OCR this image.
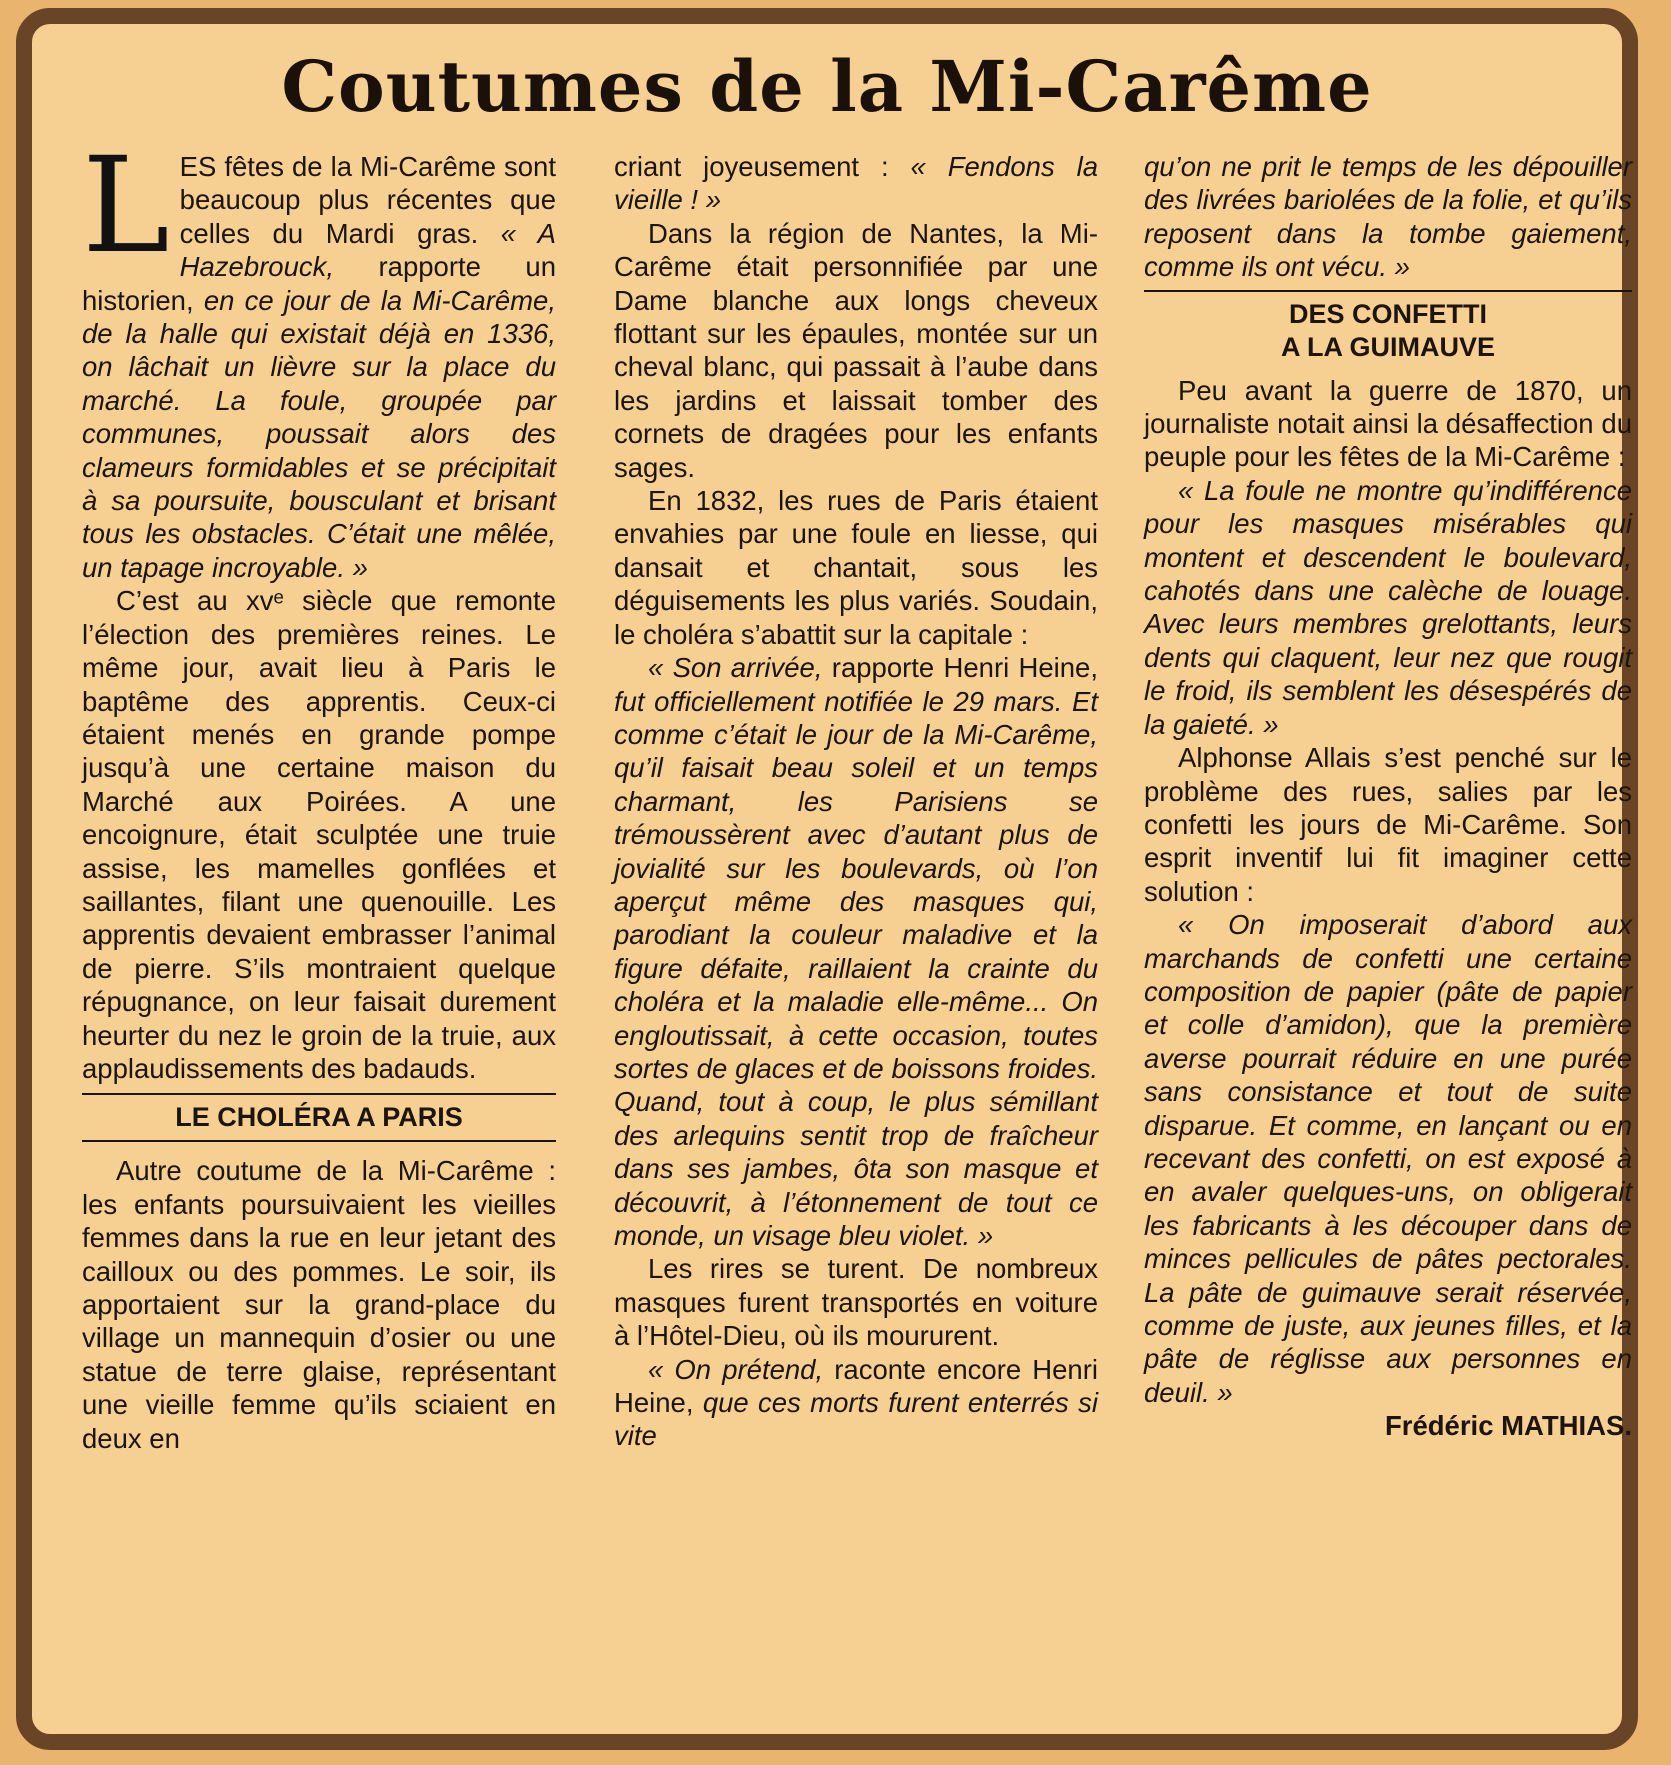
Coutumes de la Mi-Carême

LES fêtes de la Mi-Carême sont beaucoup plus récentes que celles du Mardi gras. « A Hazebrouck, rapporte un historien, en ce jour de la Mi-Carême, de la halle qui existait déjà en 1336, on lâchait un lièvre sur la place du marché. La foule, groupée par communes, poussait alors des clameurs formidables et se précipitait à sa poursuite, bousculant et brisant tous les obstacles. C’était une mêlée, un tapage incroyable. »

C’est au xvᵉ siècle que remonte l’élection des premières reines. Le même jour, avait lieu à Paris le baptême des apprentis. Ceux-ci étaient menés en grande pompe jusqu’à une certaine maison du Marché aux Poirées. A une encoignure, était sculptée une truie assise, les mamelles gonflées et saillantes, filant une quenouille. Les apprentis devaient embrasser l’animal de pierre. S’ils montraient quelque répugnance, on leur faisait durement heurter du nez le groin de la truie, aux applaudissements des badauds.

LE CHOLÉRA A PARIS

Autre coutume de la Mi-Carême : les enfants poursuivaient les vieilles femmes dans la rue en leur jetant des cailloux ou des pommes. Le soir, ils apportaient sur la grand-place du village un mannequin d’osier ou une statue de terre glaise, représentant une vieille femme qu’ils sciaient en deux en

criant joyeusement : « Fendons la vieille ! »

Dans la région de Nantes, la Mi-Carême était personnifiée par une Dame blanche aux longs cheveux flottant sur les épaules, montée sur un cheval blanc, qui passait à l’aube dans les jardins et laissait tomber des cornets de dragées pour les enfants sages.

En 1832, les rues de Paris étaient envahies par une foule en liesse, qui dansait et chantait, sous les déguisements les plus variés. Soudain, le choléra s’abattit sur la capitale :

« Son arrivée, rapporte Henri Heine, fut officiellement notifiée le 29 mars. Et comme c’était le jour de la Mi-Carême, qu’il faisait beau soleil et un temps charmant, les Parisiens se trémoussèrent avec d’autant plus de jovialité sur les boulevards, où l’on aperçut même des masques qui, parodiant la couleur maladive et la figure défaite, raillaient la crainte du choléra et la maladie elle-même... On engloutissait, à cette occasion, toutes sortes de glaces et de boissons froides. Quand, tout à coup, le plus sémillant des arlequins sentit trop de fraîcheur dans ses jambes, ôta son masque et découvrit, à l’étonnement de tout ce monde, un visage bleu violet. »

Les rires se turent. De nombreux masques furent transportés en voiture à l’Hôtel-Dieu, où ils moururent.

« On prétend, raconte encore Henri Heine, que ces morts furent enterrés si vite

qu’on ne prit le temps de les dépouiller des livrées bariolées de la folie, et qu’ils reposent dans la tombe gaiement, comme ils ont vécu. »

DES CONFETTI
A LA GUIMAUVE

Peu avant la guerre de 1870, un journaliste notait ainsi la désaffection du peuple pour les fêtes de la Mi-Carême :

« La foule ne montre qu’indifférence pour les masques misérables qui montent et descendent le boulevard, cahotés dans une calèche de louage. Avec leurs membres grelottants, leurs dents qui claquent, leur nez que rougit le froid, ils semblent les désespérés de la gaieté. »

Alphonse Allais s’est penché sur le problème des rues, salies par les confetti les jours de Mi-Carême. Son esprit inventif lui fit imaginer cette solution :

« On imposerait d’abord aux marchands de confetti une certaine composition de papier (pâte de papier et colle d’amidon), que la première averse pourrait réduire en une purée sans consistance et tout de suite disparue. Et comme, en lançant ou en recevant des confetti, on est exposé à en avaler quelques-uns, on obligerait les fabricants à les découper dans de minces pellicules de pâtes pectorales. La pâte de guimauve serait réservée, comme de juste, aux jeunes filles, et la pâte de réglisse aux personnes en deuil. »

Frédéric MATHIAS.
